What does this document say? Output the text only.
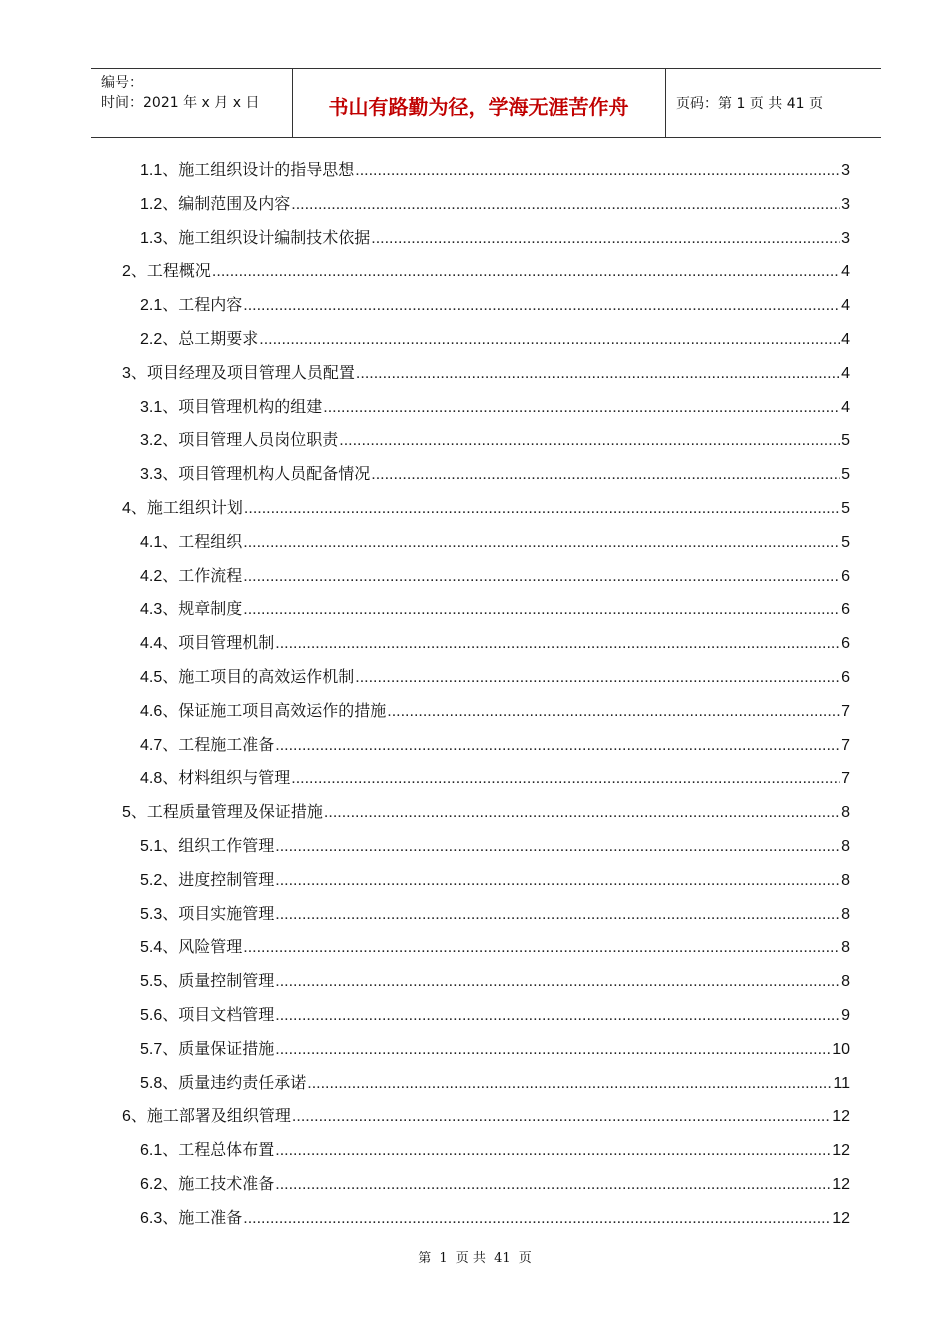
编号：
时间：2021 年 x 月 x 日	书山有路勤为径，学海无涯苦作舟	页码：第 1 页 共 41 页
1.1 、施工组织设计的指导思想 .....	3
1.2 、编制范围及内容 .....	3
1.3 、施工组织设计编制技术依据 .....	3
2 、工程概况 .....	4
2.1 、工程内容 .....	4
2.2 、总工期要求 .....	4
3 、项目经理及项目管理人员配置 .....	4
3.1 、项目管理机构的组建 .....	4
3.2 、项目管理人员岗位职责 .....	5
3.3 、项目管理机构人员配备情况 .....	5
4 、施工组织计划 .....	5
4.1 、工程组织 .....	5
4.2 、工作流程 .....	6
4.3 、规章制度 .....	6
4.4 、项目管理机制 .....	6
4.5 、施工项目的高效运作机制 .....	6
4.6 、保证施工项目高效运作的措施 .....	7
4.7 、工程施工准备 .....	7
4.8 、材料组织与管理 .....	7
5 、工程质量管理及保证措施 .....	8
5.1 、组织工作管理 .....	8
5.2 、进度控制管理 .....	8
5.3 、项目实施管理 .....	8
5.4 、风险管理 .....	8
5.5 、质量控制管理 .....	8
5.6 、项目文档管理 .....	9
5.7 、质量保证措施 .....	10
5.8 、质量违约责任承诺 .....	11
6 、施工部署及组织管理 .....	12
6.1 、工程总体布置 .....	12
6.2 、施工技术准备 .....	12
6.3 、施工准备 .....	12
第 1 页 共 41 页
